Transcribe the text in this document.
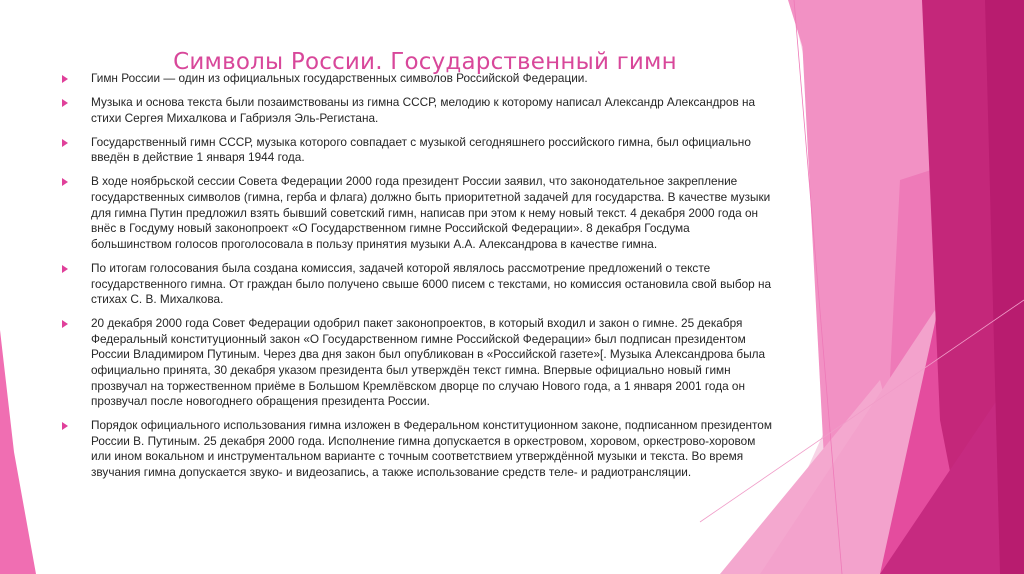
Символы России. Государственный гимн
Гимн России — один из официальных государственных символов Российской Федерации.
Музыка и основа текста были позаимствованы из гимна СССР, мелодию к которому написал Александр Александров на стихи Сергея Михалкова и Габриэля Эль-Регистана.
Государственный гимн СССР, музыка которого совпадает с музыкой сегодняшнего российского гимна, был официально введён в действие 1 января 1944 года.
В ходе ноябрьской сессии Совета Федерации 2000 года президент России заявил, что законодательное закрепление государственных символов (гимна, герба и флага) должно быть приоритетной задачей для государства. В качестве музыки для гимна Путин предложил взять бывший советский гимн, написав при этом к нему новый текст. 4 декабря 2000 года он внёс в Госдуму новый законопроект «О Государственном гимне Российской Федерации». 8 декабря Госдума большинством голосов проголосовала в пользу принятия музыки А.А. Александрова в качестве гимна.
По итогам голосования была создана комиссия, задачей которой являлось рассмотрение предложений о тексте государственного гимна. От граждан было получено свыше 6000 писем с текстами, но комиссия остановила свой выбор на стихах С. В. Михалкова.
20 декабря 2000 года Совет Федерации одобрил пакет законопроектов, в который входил и закон о гимне. 25 декабря Федеральный конституционный закон «О Государственном гимне Российской Федерации» был подписан президентом России Владимиром Путиным. Через два дня закон был опубликован в «Российской газете»[. Музыка Александрова была официально принята, 30 декабря указом президента был утверждён текст гимна. Впервые официально новый гимн прозвучал на торжественном приёме в Большом Кремлёвском дворце по случаю Нового года, а 1 января 2001 года он прозвучал после новогоднего обращения президента России.
Порядок официального использования гимна изложен в Федеральном конституционном законе, подписанном президентом России В. Путиным. 25 декабря 2000 года. Исполнение гимна допускается в оркестровом, хоровом, оркестрово-хоровом или ином вокальном и инструментальном варианте с точным соответствием утверждённой музыки и текста. Во время звучания гимна допускается звуко- и видеозапись, а также использование средств теле- и радиотрансляции.
